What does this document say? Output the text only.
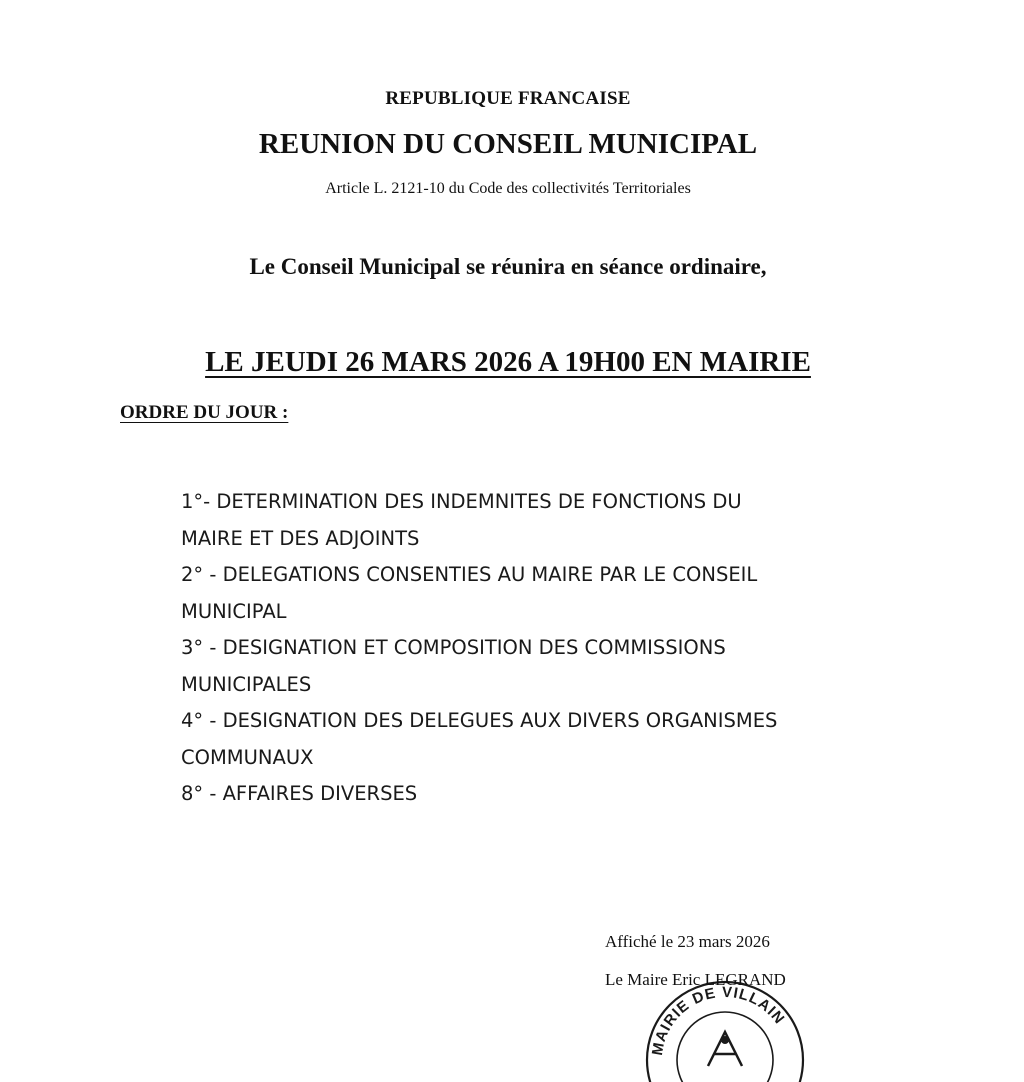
REPUBLIQUE FRANCAISE
REUNION DU CONSEIL MUNICIPAL
Article L. 2121-10 du Code des collectivités Territoriales
Le Conseil Municipal se réunira en séance ordinaire,
LE JEUDI 26 MARS 2026 A 19H00 EN MAIRIE
ORDRE DU JOUR :
1°- DETERMINATION DES INDEMNITES DE FONCTIONS DU
MAIRE ET DES ADJOINTS
2° - DELEGATIONS CONSENTIES AU MAIRE PAR LE CONSEIL
MUNICIPAL
3° - DESIGNATION ET COMPOSITION DES COMMISSIONS
MUNICIPALES
4° - DESIGNATION DES DELEGUES AUX DIVERS ORGANISMES
COMMUNAUX
8° - AFFAIRES DIVERSES
Affiché le 23 mars 2026
MAIRIE DE VILLAIN
Le Maire Eric LEGRAND
